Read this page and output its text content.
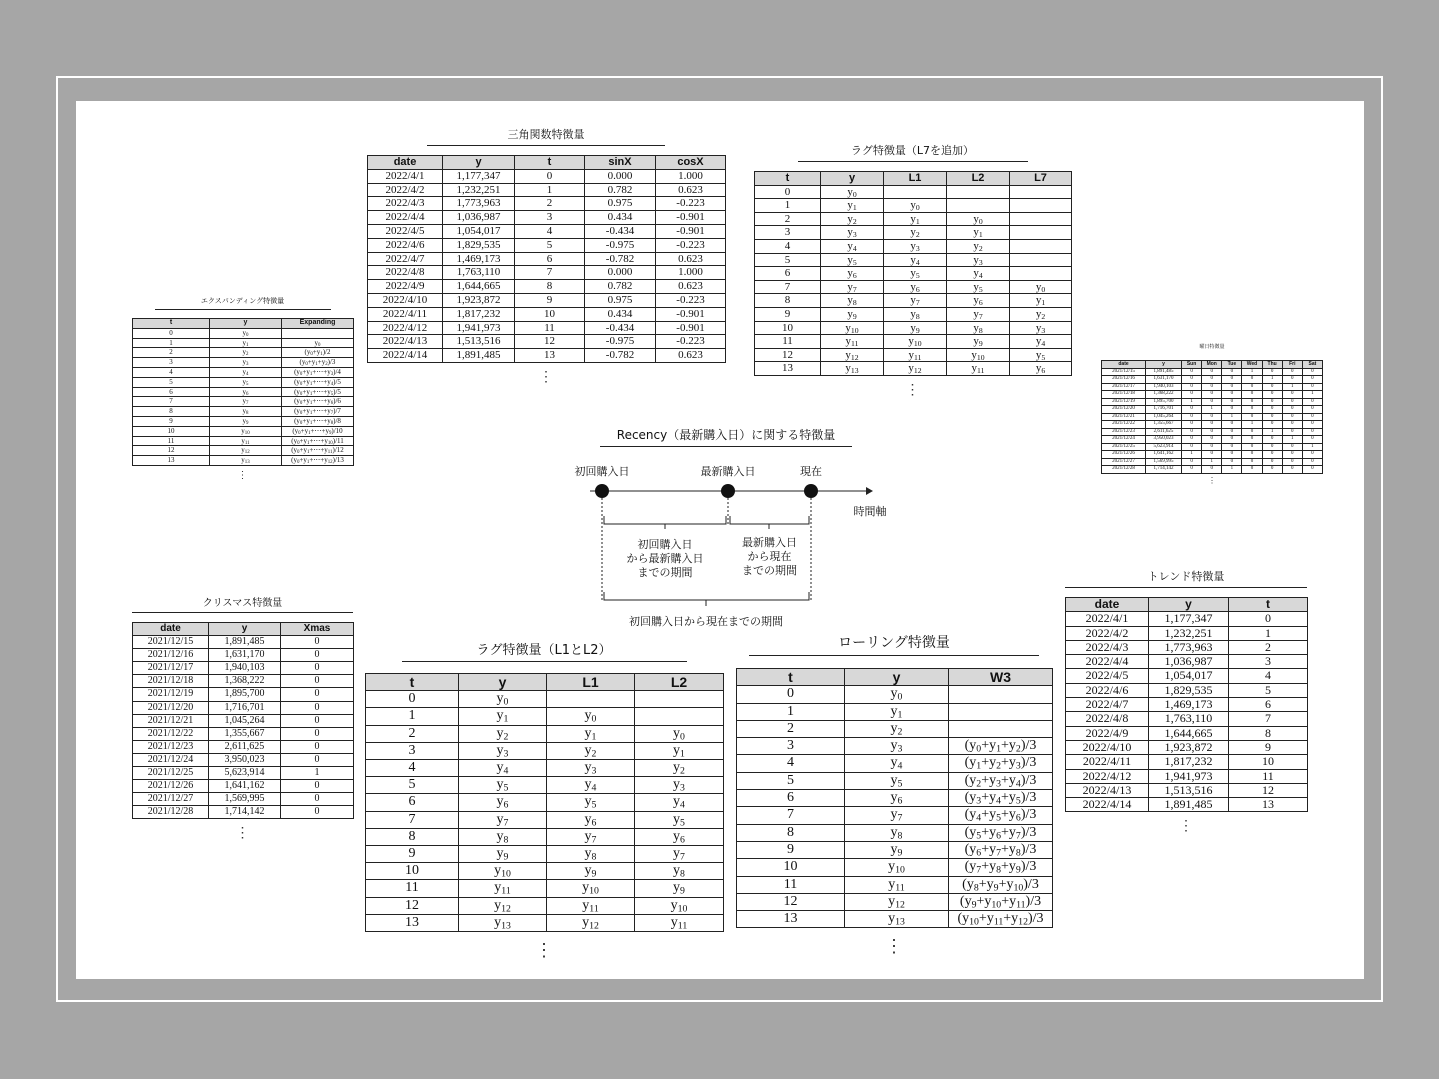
三角関数特徴量
date	y	t	sinX	cosX
2022/4/1	1,177,347	0	0.000	1.000
2022/4/2	1,232,251	1	0.782	0.623
2022/4/3	1,773,963	2	0.975	-0.223
2022/4/4	1,036,987	3	0.434	-0.901
2022/4/5	1,054,017	4	-0.434	-0.901
2022/4/6	1,829,535	5	-0.975	-0.223
2022/4/7	1,469,173	6	-0.782	0.623
2022/4/8	1,763,110	7	0.000	1.000
2022/4/9	1,644,665	8	0.782	0.623
2022/4/10	1,923,872	9	0.975	-0.223
2022/4/11	1,817,232	10	0.434	-0.901
2022/4/12	1,941,973	11	-0.434	-0.901
2022/4/13	1,513,516	12	-0.975	-0.223
2022/4/14	1,891,485	13	-0.782	0.623
⋮
ラグ特徴量（L7を追加）
t	y	L1	L2	L7
0	$y_0$			
1	$y_1$	$y_0$		
2	$y_2$	$y_1$	$y_0$	
3	$y_3$	$y_2$	$y_1$	
4	$y_4$	$y_3$	$y_2$	
5	$y_5$	$y_4$	$y_3$	
6	$y_6$	$y_5$	$y_4$	
7	$y_7$	$y_6$	$y_5$	$y_0$
8	$y_8$	$y_7$	$y_6$	$y_1$
9	$y_9$	$y_8$	$y_7$	$y_2$
10	$y_{10}$	$y_9$	$y_8$	$y_3$
11	$y_{11}$	$y_{10}$	$y_9$	$y_4$
12	$y_{12}$	$y_{11}$	$y_{10}$	$y_5$
13	$y_{13}$	$y_{12}$	$y_{11}$	$y_6$
⋮
エクスパンディング特徴量
t	y	Expanding
0	$y_0$	
1	$y_1$	$y_0$
2	$y_2$	$(y_0+y_1)/2$
3	$y_3$	$(y_0+y_1+y_2)/3$
4	$y_4$	$(y_0+y_1+\cdots+y_3)/4$
5	$y_5$	$(y_0+y_1+\cdots+y_4)/5$
6	$y_6$	$(y_0+y_1+\cdots+y_5)/5$
7	$y_7$	$(y_0+y_1+\cdots+y_6)/6$
8	$y_8$	$(y_0+y_1+\cdots+y_7)/7$
9	$y_9$	$(y_0+y_1+\cdots+y_8)/8$
10	$y_{10}$	$(y_0+y_1+\cdots+y_9)/10$
11	$y_{11}$	$(y_0+y_1+\cdots+y_{10})/11$
12	$y_{12}$	$(y_0+y_1+\cdots+y_{11})/12$
13	$y_{13}$	$(y_0+y_1+\cdots+y_{12})/13$
⋮
曜日特徴量
date	y	Sun	Mon	Tue	Wed	Thu	Fri	Sat
2021/12/15	1,891,485	0	0	0	1	0	0	0
2021/12/16	1,631,170	0	0	0	0	1	0	0
2021/12/17	1,940,103	0	0	0	0	0	1	0
2021/12/18	1,368,222	0	0	0	0	0	0	1
2021/12/19	1,895,700	1	0	0	0	0	0	0
2021/12/20	1,716,701	0	1	0	0	0	0	0
2021/12/21	1,045,264	0	0	1	0	0	0	0
2021/12/22	1,355,667	0	0	0	1	0	0	0
2021/12/23	2,611,625	0	0	0	0	1	0	0
2021/12/24	3,950,023	0	0	0	0	0	1	0
2021/12/25	5,623,914	0	0	0	0	0	0	1
2021/12/26	1,641,162	1	0	0	0	0	0	0
2021/12/27	1,569,995	0	1	0	0	0	0	0
2021/12/28	1,714,142	0	0	1	0	0	0	0
⋮
Recency（最新購入日）に関する特徴量
初回購入日	最新購入日	現在
時間軸
初回購入日
から最新購入日
までの期間
最新購入日
から現在
までの期間
初回購入日から現在までの期間
クリスマス特徴量
date	y	Xmas
2021/12/15	1,891,485	0
2021/12/16	1,631,170	0
2021/12/17	1,940,103	0
2021/12/18	1,368,222	0
2021/12/19	1,895,700	0
2021/12/20	1,716,701	0
2021/12/21	1,045,264	0
2021/12/22	1,355,667	0
2021/12/23	2,611,625	0
2021/12/24	3,950,023	0
2021/12/25	5,623,914	1
2021/12/26	1,641,162	0
2021/12/27	1,569,995	0
2021/12/28	1,714,142	0
⋮
ラグ特徴量（L1とL2）
t	y	L1	L2
0	$y_0$		
1	$y_1$	$y_0$	
2	$y_2$	$y_1$	$y_0$
3	$y_3$	$y_2$	$y_1$
4	$y_4$	$y_3$	$y_2$
5	$y_5$	$y_4$	$y_3$
6	$y_6$	$y_5$	$y_4$
7	$y_7$	$y_6$	$y_5$
8	$y_8$	$y_7$	$y_6$
9	$y_9$	$y_8$	$y_7$
10	$y_{10}$	$y_9$	$y_8$
11	$y_{11}$	$y_{10}$	$y_9$
12	$y_{12}$	$y_{11}$	$y_{10}$
13	$y_{13}$	$y_{12}$	$y_{11}$
⋮
ローリング特徴量
t	y	W3
0	$y_0$	
1	$y_1$	
2	$y_2$	
3	$y_3$	$(y_0+y_1+y_2)/3$
4	$y_4$	$(y_1+y_2+y_3)/3$
5	$y_5$	$(y_2+y_3+y_4)/3$
6	$y_6$	$(y_3+y_4+y_5)/3$
7	$y_7$	$(y_4+y_5+y_6)/3$
8	$y_8$	$(y_5+y_6+y_7)/3$
9	$y_9$	$(y_6+y_7+y_8)/3$
10	$y_{10}$	$(y_7+y_8+y_9)/3$
11	$y_{11}$	$(y_8+y_9+y_{10})/3$
12	$y_{12}$	$(y_9+y_{10}+y_{11})/3$
13	$y_{13}$	$(y_{10}+y_{11}+y_{12})/3$
⋮
トレンド特徴量
date	y	t
2022/4/1	1,177,347	0
2022/4/2	1,232,251	1
2022/4/3	1,773,963	2
2022/4/4	1,036,987	3
2022/4/5	1,054,017	4
2022/4/6	1,829,535	5
2022/4/7	1,469,173	6
2022/4/8	1,763,110	7
2022/4/9	1,644,665	8
2022/4/10	1,923,872	9
2022/4/11	1,817,232	10
2022/4/12	1,941,973	11
2022/4/13	1,513,516	12
2022/4/14	1,891,485	13
⋮
